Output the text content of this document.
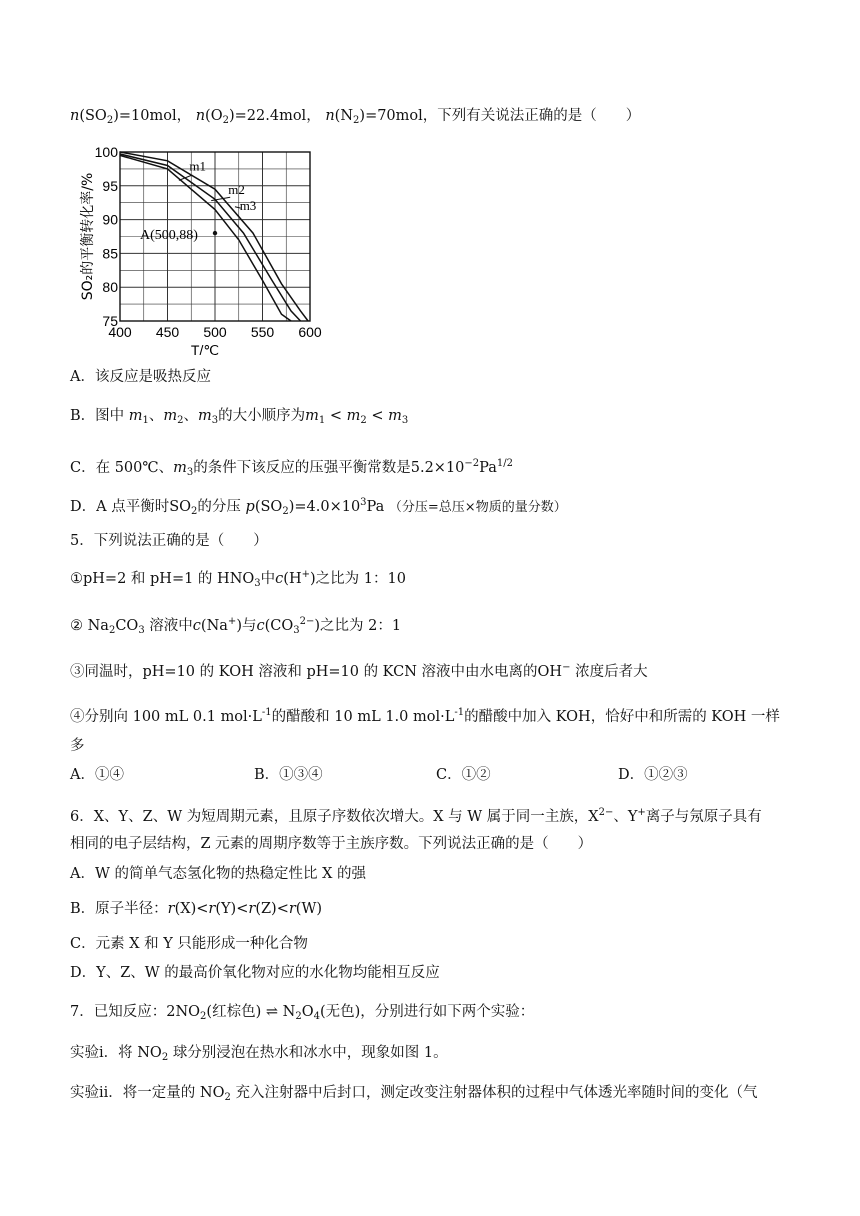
$n(SO_2)=10mol$， $n(O_2)=22.4mol$， $n(N_2)=70mol$，下列有关说法正确的是（　　）
400 450 500 550 600
100
95
90
85
80
75
T/℃
SO₂的平衡转化率/%
m1
m2
m3
A(500,88)
A．该反应是吸热反应
B．图中 $m_1$、$m_2$、$m_3$的大小顺序为$m_1 < m_2 < m_3$
C．在 500℃、$m_3$的条件下该反应的压强平衡常数是$5.2\times 10^{-2}Pa^{1/2}$
D．A 点平衡时$SO_2$的分压 $p(SO_2)=4.0\times 10^3Pa$ （分压=总压×物质的量分数）
5．下列说法正确的是（　　）
①pH=2 和 pH=1 的 $HNO_3$中c(H+)之比为 1：10
② $Na_2CO_3$ 溶液中c(Na+)与$c(CO_3^{2-})$之比为 2：1
③同温时，pH=10 的 KOH 溶液和 pH=10 的 KCN 溶液中由水电离的OH− 浓度后者大
④分别向 100 mL 0.1 $mol\cdot L^{-1}$的醋酸和 10 mL 1.0 $mol\cdot L^{-1}$的醋酸中加入 KOH，恰好中和所需的 KOH 一样
多
A．①④	B．①③④	C．①②	D．①②③
6．X、Y、Z、W 为短周期元素，且原子序数依次增大。X 与 W 属于同一主族，$X^{2-}$、Y+离子与氖原子具有
相同的电子层结构，Z 元素的周期序数等于主族序数。下列说法正确的是（　　）
A．W 的简单气态氢化物的热稳定性比 X 的强
B．原子半径：r(X)<r(Y)<r(Z)<r(W)
C．元素 X 和 Y 只能形成一种化合物
D．Y、Z、W 的最高价氧化物对应的水化物均能相互反应
7．已知反应：$2NO_2$(红棕色) ⇌ $N_2O_4$(无色)，分别进行如下两个实验：
实验ⅰ．将 $NO_2$ 球分别浸泡在热水和冰水中，现象如图 1。
实验ⅱ．将一定量的 $NO_2$ 充入注射器中后封口，测定改变注射器体积的过程中气体透光率随时间的变化（气
